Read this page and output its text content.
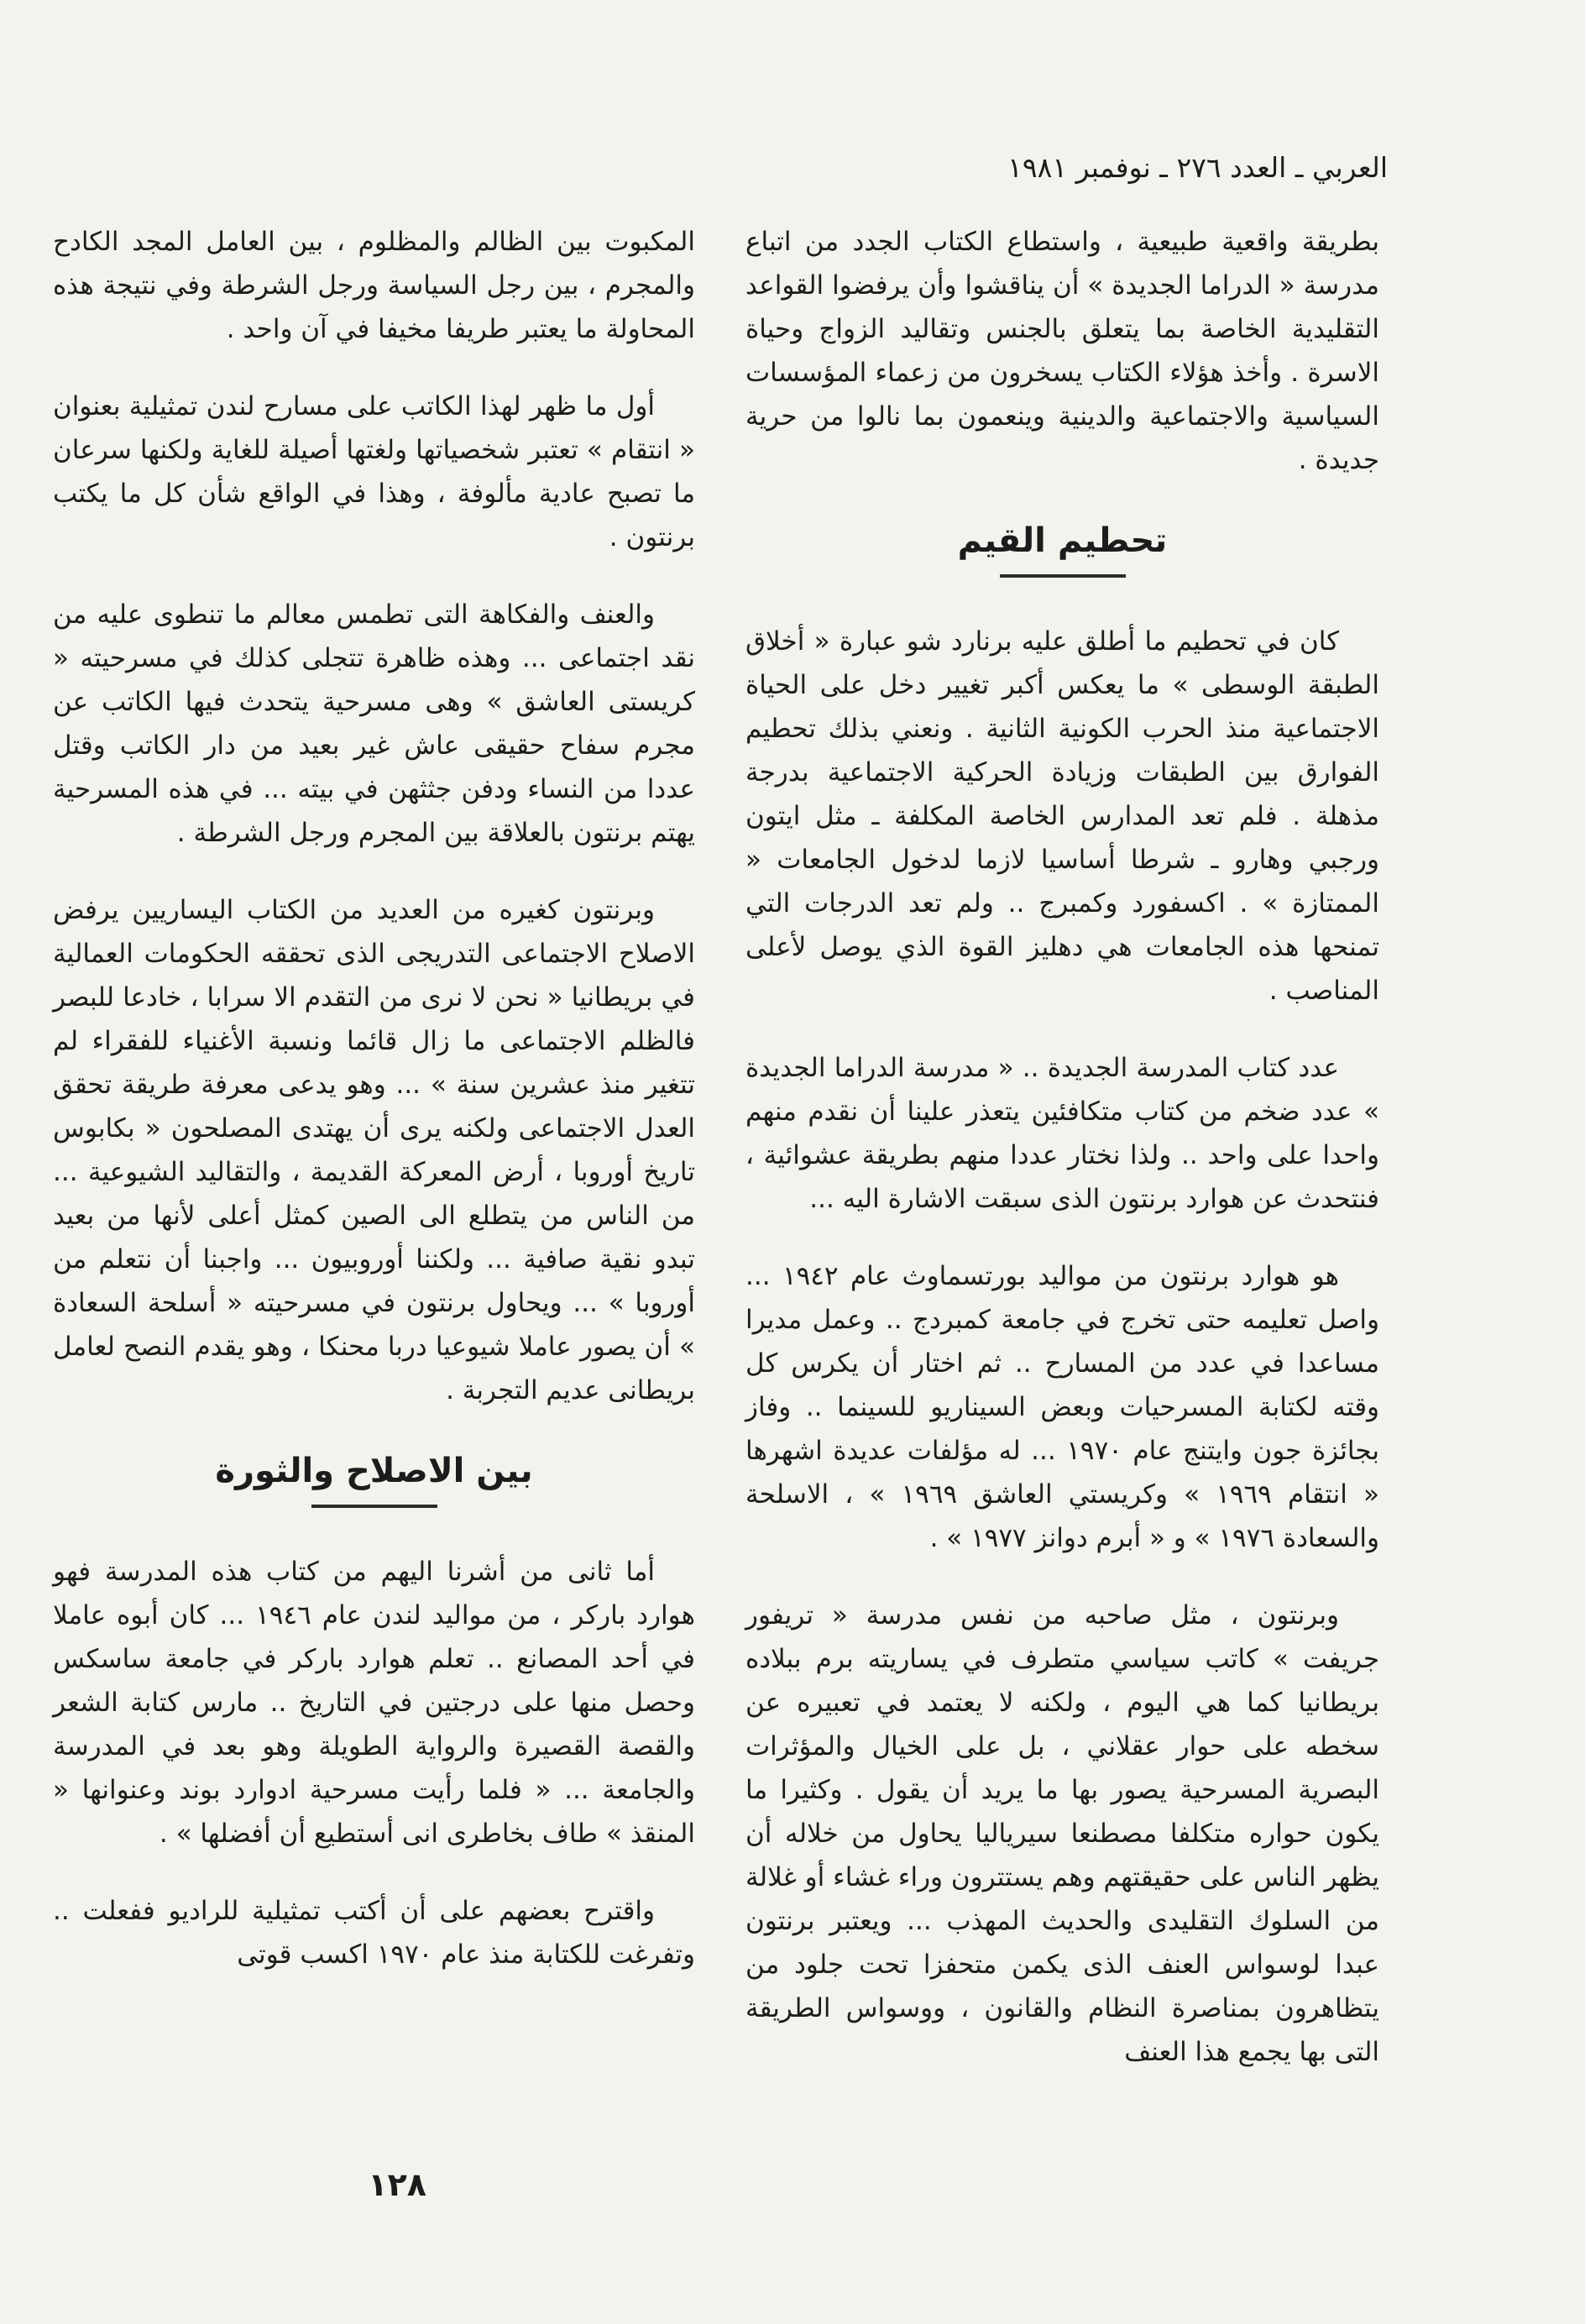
العربي ـ العدد ٢٧٦ ـ نوفمبر ١٩٨١

بطريقة واقعية طبيعية ، واستطاع الكتاب الجدد من اتباع مدرسة « الدراما الجديدة » أن يناقشوا وأن يرفضوا القواعد التقليدية الخاصة بما يتعلق بالجنس وتقاليد الزواج وحياة الاسرة . وأخذ هؤلاء الكتاب يسخرون من زعماء المؤسسات السياسية والاجتماعية والدينية وينعمون بما نالوا من حرية جديدة .

تحطيم القيم

كان في تحطيم ما أطلق عليه برنارد شو عبارة « أخلاق الطبقة الوسطى » ما يعكس أكبر تغيير دخل على الحياة الاجتماعية منذ الحرب الكونية الثانية . ونعني بذلك تحطيم الفوارق بين الطبقات وزيادة الحركية الاجتماعية بدرجة مذهلة . فلم تعد المدارس الخاصة المكلفة ـ مثل ايتون ورجبي وهارو ـ شرطا أساسيا لازما لدخول الجامعات « الممتازة » . اكسفورد وكمبرج .. ولم تعد الدرجات التي تمنحها هذه الجامعات هي دهليز القوة الذي يوصل لأعلى المناصب .

عدد كتاب المدرسة الجديدة .. « مدرسة الدراما الجديدة » عدد ضخم من كتاب متكافئين يتعذر علينا أن نقدم منهم واحدا على واحد .. ولذا نختار عددا منهم بطريقة عشوائية ، فنتحدث عن هوارد برنتون الذى سبقت الاشارة اليه ...

هو هوارد برنتون من مواليد بورتسماوث عام ١٩٤٢ ... واصل تعليمه حتى تخرج في جامعة كمبردج .. وعمل مديرا مساعدا في عدد من المسارح .. ثم اختار أن يكرس كل وقته لكتابة المسرحيات وبعض السيناريو للسينما .. وفاز بجائزة جون وايتنج عام ١٩٧٠ ... له مؤلفات عديدة اشهرها « انتقام ١٩٦٩ » وكريستي العاشق ١٩٦٩ » ، الاسلحة والسعادة ١٩٧٦ » و « أبرم دوانز ١٩٧٧ » .

وبرنتون ، مثل صاحبه من نفس مدرسة « تريفور جريفت » كاتب سياسي متطرف في يساريته برم ببلاده بريطانيا كما هي اليوم ، ولكنه لا يعتمد في تعبيره عن سخطه على حوار عقلاني ، بل على الخيال والمؤثرات البصرية المسرحية يصور بها ما يريد أن يقول . وكثيرا ما يكون حواره متكلفا مصطنعا سيرياليا يحاول من خلاله أن يظهر الناس على حقيقتهم وهم يستترون وراء غشاء أو غلالة من السلوك التقليدى والحديث المهذب ... ويعتبر برنتون عبدا لوسواس العنف الذى يكمن متحفزا تحت جلود من يتظاهرون بمناصرة النظام والقانون ، ووسواس الطريقة التى بها يجمع هذا العنف

المكبوت بين الظالم والمظلوم ، بين العامل المجد الكادح والمجرم ، بين رجل السياسة ورجل الشرطة وفي نتيجة هذه المحاولة ما يعتبر طريفا مخيفا في آن واحد .

أول ما ظهر لهذا الكاتب على مسارح لندن تمثيلية بعنوان « انتقام » تعتبر شخصياتها ولغتها أصيلة للغاية ولكنها سرعان ما تصبح عادية مألوفة ، وهذا في الواقع شأن كل ما يكتب برنتون .

والعنف والفكاهة التى تطمس معالم ما تنطوى عليه من نقد اجتماعى ... وهذه ظاهرة تتجلى كذلك في مسرحيته « كريستى العاشق » وهى مسرحية يتحدث فيها الكاتب عن مجرم سفاح حقيقى عاش غير بعيد من دار الكاتب وقتل عددا من النساء ودفن جثثهن في بيته ... في هذه المسرحية يهتم برنتون بالعلاقة بين المجرم ورجل الشرطة .

وبرنتون كغيره من العديد من الكتاب اليساريين يرفض الاصلاح الاجتماعى التدريجى الذى تحققه الحكومات العمالية في بريطانيا « نحن لا نرى من التقدم الا سرابا ، خادعا للبصر فالظلم الاجتماعى ما زال قائما ونسبة الأغنياء للفقراء لم تتغير منذ عشرين سنة » ... وهو يدعى معرفة طريقة تحقق العدل الاجتماعى ولكنه يرى أن يهتدى المصلحون « بكابوس تاريخ أوروبا ، أرض المعركة القديمة ، والتقاليد الشيوعية ... من الناس من يتطلع الى الصين كمثل أعلى لأنها من بعيد تبدو نقية صافية ... ولكننا أوروبيون ... واجبنا أن نتعلم من أوروبا » ... ويحاول برنتون في مسرحيته « أسلحة السعادة » أن يصور عاملا شيوعيا دربا محنكا ، وهو يقدم النصح لعامل بريطانى عديم التجربة .

بين الاصلاح والثورة

أما ثانى من أشرنا اليهم من كتاب هذه المدرسة فهو هوارد باركر ، من مواليد لندن عام ١٩٤٦ ... كان أبوه عاملا في أحد المصانع .. تعلم هوارد باركر في جامعة ساسكس وحصل منها على درجتين في التاريخ .. مارس كتابة الشعر والقصة القصيرة والرواية الطويلة وهو بعد في المدرسة والجامعة ... « فلما رأيت مسرحية ادوارد بوند وعنوانها « المنقذ » طاف بخاطرى انى أستطيع أن أفضلها » .

واقترح بعضهم على أن أكتب تمثيلية للراديو ففعلت .. وتفرغت للكتابة منذ عام ١٩٧٠ اكسب قوتى

١٢٨
